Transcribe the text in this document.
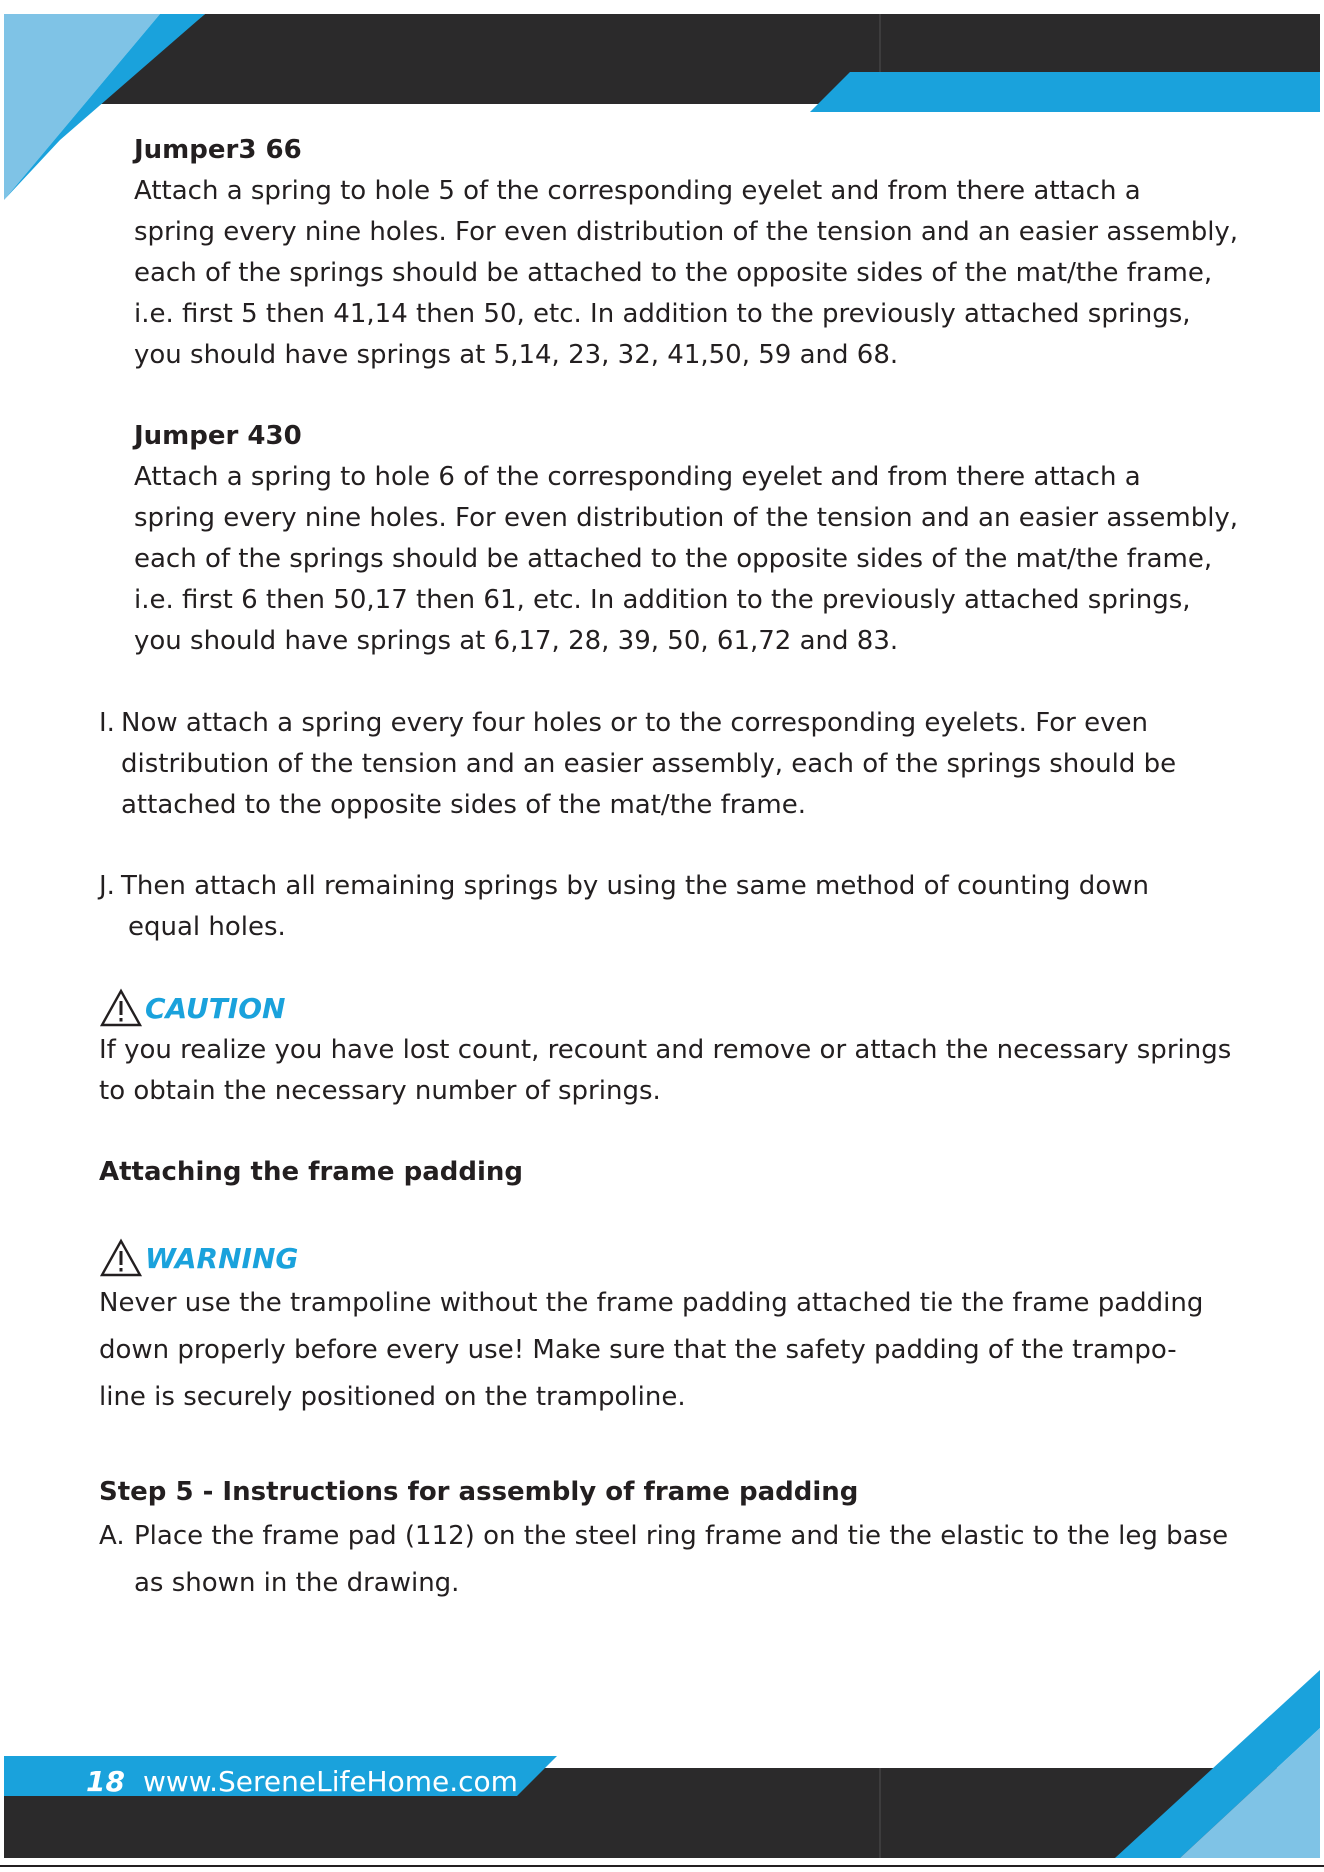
Jumper3 66

Attach a spring to hole 5 of the corresponding eyelet and from there attach a

spring every nine holes. For even distribution of the tension and an easier assembly,

each of the springs should be attached to the opposite sides of the mat/the frame,

i.e. first 5 then 41,14 then 50, etc. In addition to the previously attached springs,

you should have springs at 5,14, 23, 32, 41,50, 59 and 68.

Jumper 430

Attach a spring to hole 6 of the corresponding eyelet and from there attach a

spring every nine holes. For even distribution of the tension and an easier assembly,

each of the springs should be attached to the opposite sides of the mat/the frame,

i.e. first 6 then 50,17 then 61, etc. In addition to the previously attached springs,

you should have springs at 6,17, 28, 39, 50, 61,72 and 83.

I. Now attach a spring every four holes or to the corresponding eyelets. For even

distribution of the tension and an easier assembly, each of the springs should be

attached to the opposite sides of the mat/the frame.

J. Then attach all remaining springs by using the same method of counting down

equal holes.

CAUTION

If you realize you have lost count, recount and remove or attach the necessary springs

to obtain the necessary number of springs.

Attaching the frame padding

WARNING

Never use the trampoline without the frame padding attached tie the frame padding

down properly before every use! Make sure that the safety padding of the trampo-

line is securely positioned on the trampoline.

Step 5 - Instructions for assembly of frame padding

A. Place the frame pad (112) on the steel ring frame and tie the elastic to the leg base

as shown in the drawing.

18 www.SereneLifeHome.com
